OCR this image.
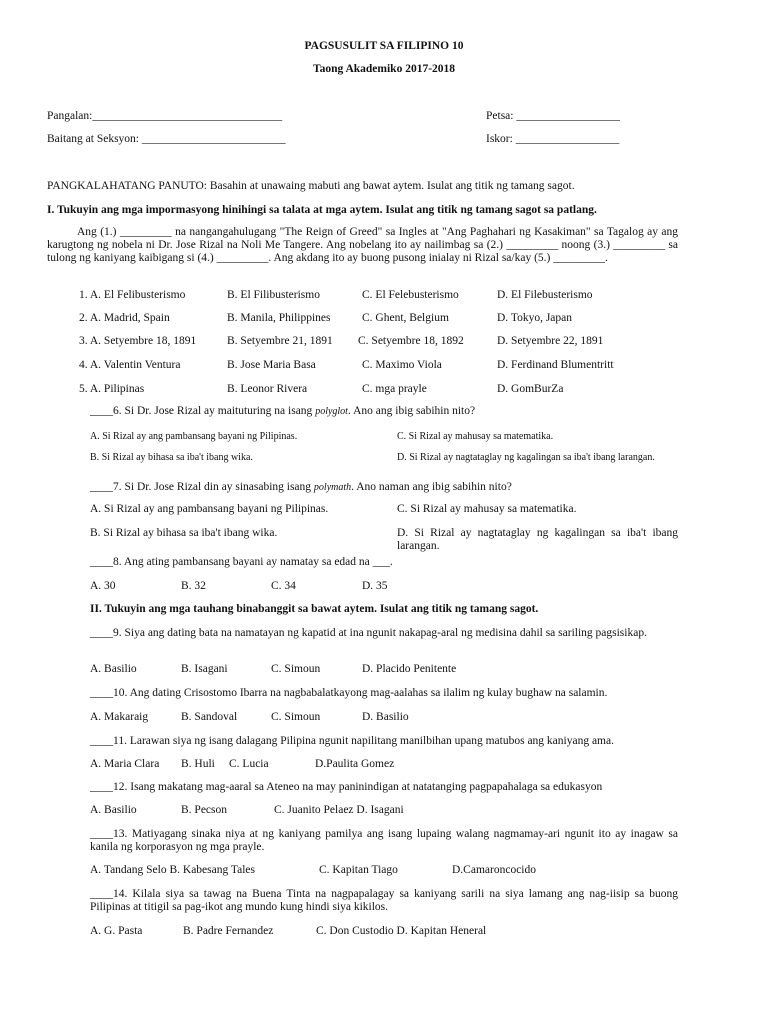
PAGSUSULIT SA FILIPINO 10
Taong Akademiko 2017-2018
Pangalan:_________________________________	Petsa: __________________
Baitang at Seksyon: _________________________	Iskor: __________________
PANGKALAHATANG PANUTO: Basahin at unawaing mabuti ang bawat aytem. Isulat ang titik ng tamang sagot.
I. Tukuyin ang mga impormasyong hinihingi sa talata at mga aytem. Isulat ang titik ng tamang sagot sa patlang.
Ang (1.) _________ na nangangahulugang "The Reign of Greed" sa Ingles at "Ang Paghahari ng Kasakiman" sa Tagalog ay ang karugtong ng nobela ni Dr. Jose Rizal na Noli Me Tangere. Ang nobelang ito ay nailimbag sa (2.) _________ noong (3.) _________ sa tulong ng kaniyang kaibigang si (4.) _________. Ang akdang ito ay buong pusong inialay ni Rizal sa/kay (5.) _________.
1. A. El Felibusterismo	B. El Filibusterismo	C. El Felebusterismo	D. El Filebusterismo
2. A. Madrid, Spain	B. Manila, Philippines	C. Ghent, Belgium	D. Tokyo, Japan
3. A. Setyembre 18, 1891	B. Setyembre 21, 1891 C. Setyembre 18, 1892	D. Setyembre 22, 1891
4. A. Valentin Ventura	B. Jose Maria Basa	C. Maximo Viola	D. Ferdinand Blumentritt
5. A. Pilipinas	B. Leonor Rivera	C. mga prayle	D. GomBurZa
____6. Si Dr. Jose Rizal ay maituturing na isang polyglot. Ano ang ibig sabihin nito?
A. Si Rizal ay ang pambansang bayani ng Pilipinas.	C. Si Rizal ay mahusay sa matematika.
B. Si Rizal ay bihasa sa iba't ibang wika.	D. Si Rizal ay nagtataglay ng kagalingan sa iba't ibang larangan.
____7. Si Dr. Jose Rizal din ay sinasabing isang polymath. Ano naman ang ibig sabihin nito?
A. Si Rizal ay ang pambansang bayani ng Pilipinas.	C. Si Rizal ay mahusay sa matematika.
B. Si Rizal ay bihasa sa iba't ibang wika.	D. Si Rizal ay nagtataglay ng kagalingan sa iba't ibang larangan.
____8. Ang ating pambansang bayani ay namatay sa edad na ___.
A. 30	B. 32	C. 34	D. 35
II. Tukuyin ang mga tauhang binabanggit sa bawat aytem. Isulat ang titik ng tamang sagot.
____9. Siya ang dating bata na namatayan ng kapatid at ina ngunit nakapag-aral ng medisina dahil sa sariling pagsisikap.
A. Basilio	B. Isagani	C. Simoun	D. Placido Penitente
____10. Ang dating Crisostomo Ibarra na nagbabalatkayong mag-aalahas sa ilalim ng kulay bughaw na salamin.
A. Makaraig	B. Sandoval	C. Simoun	D. Basilio
____11. Larawan siya ng isang dalagang Pilipina ngunit napilitang manilbihan upang matubos ang kaniyang ama.
A. Maria Clara B. Huli C. Lucia	D.Paulita Gomez
____12. Isang makatang mag-aaral sa Ateneo na may paninindigan at natatanging pagpapahalaga sa edukasyon
A. Basilio	B. Pecson	C. Juanito Pelaez D. Isagani
____13. Matiyagang sinaka niya at ng kaniyang pamilya ang isang lupaing walang nagmamay-ari ngunit ito ay inagaw sa kanila ng korporasyon ng mga prayle.
A. Tandang Selo B. Kabesang Tales	C. Kapitan Tiago	D.Camaroncocido
____14. Kilala siya sa tawag na Buena Tinta na nagpapalagay sa kaniyang sarili na siya lamang ang nag-iisip sa buong Pilipinas at titigil sa pag-ikot ang mundo kung hindi siya kikilos.
A. G. Pasta	B. Padre Fernandez	C. Don Custodio D. Kapitan Heneral
